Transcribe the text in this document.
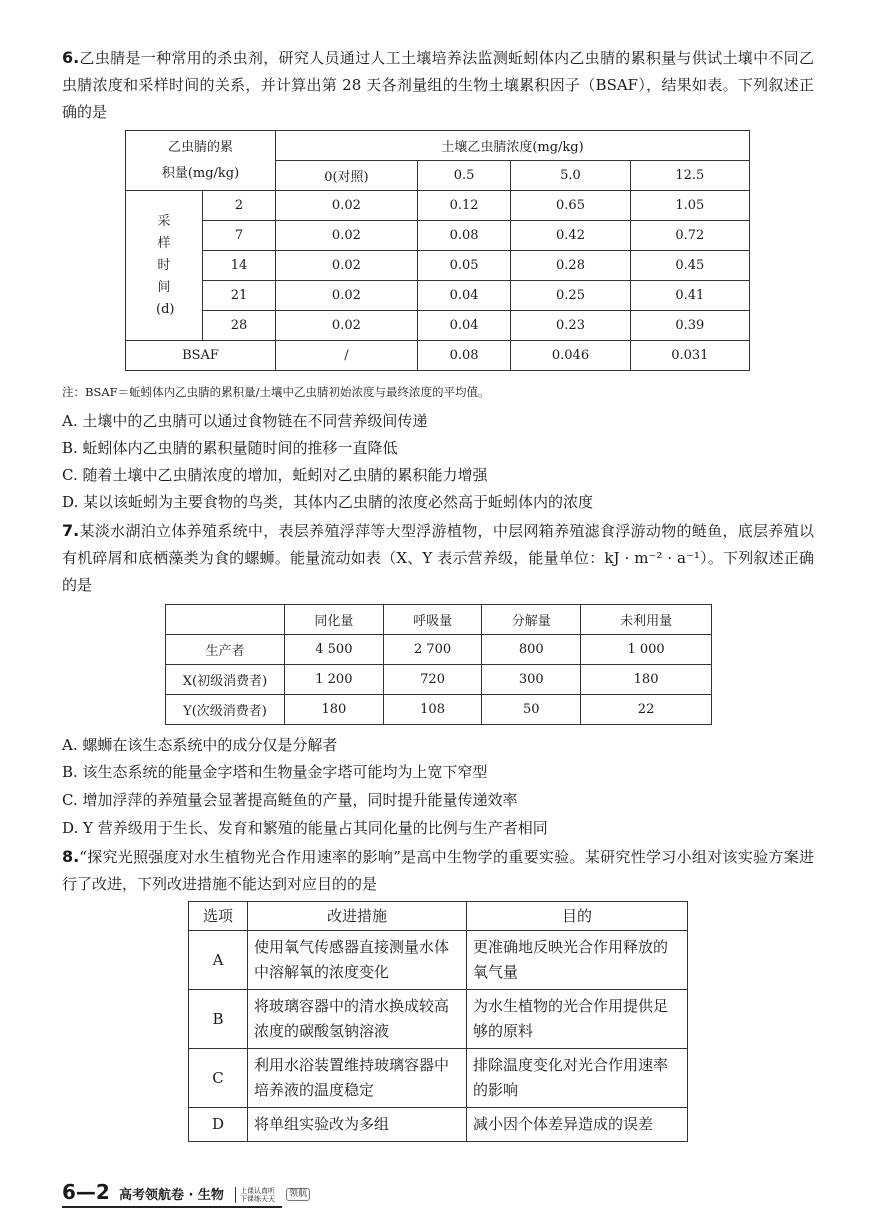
6.乙虫腈是一种常用的杀虫剂，研究人员通过人工土壤培养法监测蚯蚓体内乙虫腈的累积量与供试土壤中不同乙虫腈浓度和采样时间的关系，并计算出第 28 天各剂量组的生物土壤累积因子（BSAF），结果如表。下列叙述正确的是
乙虫腈的累
积量(mg/kg)		土壤乙虫腈浓度(mg/kg)			
		0(对照)	0.5	5.0	12.5

采样时间(d)	2	0.02	0.12	0.65	1.05
	7	0.02	0.08	0.42	0.72
	14	0.02	0.05	0.28	0.45
	21	0.02	0.04	0.25	0.41
	28	0.02	0.04	0.23	0.39
BSAF		/	0.08	0.046	0.031
注：BSAF＝蚯蚓体内乙虫腈的累积量/土壤中乙虫腈初始浓度与最终浓度的平均值。
A. 土壤中的乙虫腈可以通过食物链在不同营养级间传递
B. 蚯蚓体内乙虫腈的累积量随时间的推移一直降低
C. 随着土壤中乙虫腈浓度的增加，蚯蚓对乙虫腈的累积能力增强
D. 某以该蚯蚓为主要食物的鸟类，其体内乙虫腈的浓度必然高于蚯蚓体内的浓度
7.某淡水湖泊立体养殖系统中，表层养殖浮萍等大型浮游植物，中层网箱养殖滤食浮游动物的鲢鱼，底层养殖以有机碎屑和底栖藻类为食的螺蛳。能量流动如表（X、Y 表示营养级，能量单位：kJ · m⁻² · a⁻¹）。下列叙述正确的是
	同化量	呼吸量	分解量	未利用量
生产者	4 500	2 700	800	1 000
X(初级消费者)	1 200	720	300	180
Y(次级消费者)	180	108	50	22
A. 螺蛳在该生态系统中的成分仅是分解者
B. 该生态系统的能量金字塔和生物量金字塔可能均为上宽下窄型
C. 增加浮萍的养殖量会显著提高鲢鱼的产量，同时提升能量传递效率
D. Y 营养级用于生长、发育和繁殖的能量占其同化量的比例与生产者相同
8.“探究光照强度对水生植物光合作用速率的影响”是高中生物学的重要实验。某研究性学习小组对该实验方案进行了改进，下列改进措施不能达到对应目的的是
选项	改进措施	目的
A	使用氧气传感器直接测量水体中溶解氧的浓度变化	更准确地反映光合作用释放的氧气量
B	将玻璃容器中的清水换成较高浓度的碳酸氢钠溶液	为水生植物的光合作用提供足够的原料
C	利用水浴装置维持玻璃容器中培养液的温度稳定	排除温度变化对光合作用速率的影响
D	将单组实验改为多组	减小因个体差异造成的误差
6—2 高考领航卷 · 生物 上课认真听
下课练天天 领航
